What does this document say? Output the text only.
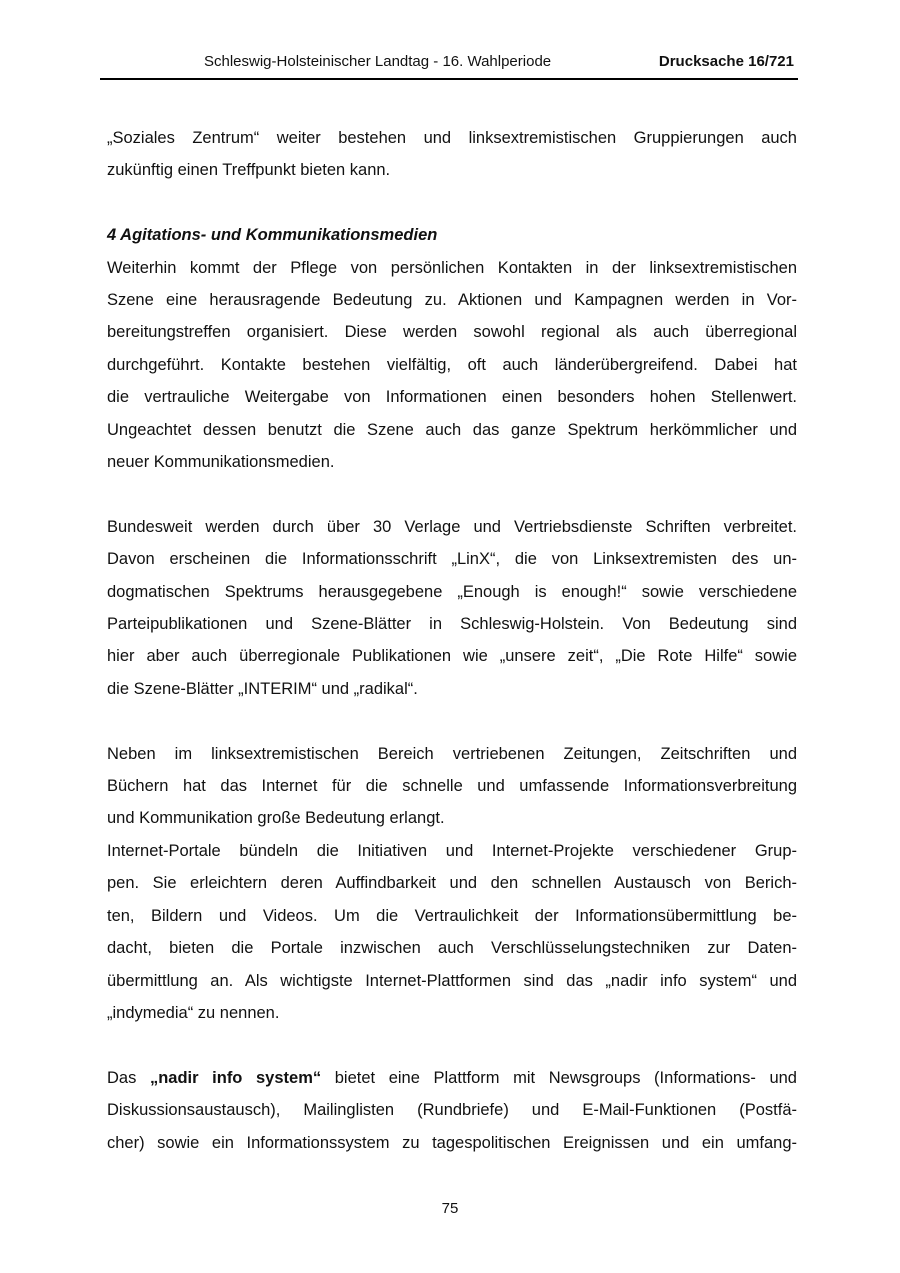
Schleswig-Holsteinischer Landtag - 16. Wahlperiode	Drucksache 16/721

„Soziales Zentrum“ weiter bestehen und linksextremistischen Gruppierungen auch
zukünftig einen Treffpunkt bieten kann.

4 Agitations- und Kommunikationsmedien

Weiterhin kommt der Pflege von persönlichen Kontakten in der linksextremistischen
Szene eine herausragende Bedeutung zu. Aktionen und Kampagnen werden in Vor-
bereitungstreffen organisiert. Diese werden sowohl regional als auch überregional
durchgeführt. Kontakte bestehen vielfältig, oft auch länderübergreifend. Dabei hat
die vertrauliche Weitergabe von Informationen einen besonders hohen Stellenwert.
Ungeachtet dessen benutzt die Szene auch das ganze Spektrum herkömmlicher und
neuer Kommunikationsmedien.

Bundesweit werden durch über 30 Verlage und Vertriebsdienste Schriften verbreitet.
Davon erscheinen die Informationsschrift „LinX“, die von Linksextremisten des un-
dogmatischen Spektrums herausgegebene „Enough is enough!“ sowie verschiedene
Parteipublikationen und Szene-Blätter in Schleswig-Holstein. Von Bedeutung sind
hier aber auch überregionale Publikationen wie „unsere zeit“, „Die Rote Hilfe“ sowie
die Szene-Blätter „INTERIM“ und „radikal“.

Neben im linksextremistischen Bereich vertriebenen Zeitungen, Zeitschriften und
Büchern hat das Internet für die schnelle und umfassende Informationsverbreitung
und Kommunikation große Bedeutung erlangt.

Internet-Portale bündeln die Initiativen und Internet-Projekte verschiedener Grup-
pen. Sie erleichtern deren Auffindbarkeit und den schnellen Austausch von Berich-
ten, Bildern und Videos. Um die Vertraulichkeit der Informationsübermittlung be-
dacht, bieten die Portale inzwischen auch Verschlüsselungstechniken zur Daten-
übermittlung an. Als wichtigste Internet-Plattformen sind das „nadir info system“ und
„indymedia“ zu nennen.

Das „nadir info system“ bietet eine Plattform mit Newsgroups (Informations- und
Diskussionsaustausch), Mailinglisten (Rundbriefe) und E-Mail-Funktionen (Postfä-
cher) sowie ein Informationssystem zu tagespolitischen Ereignissen und ein umfang-

75
